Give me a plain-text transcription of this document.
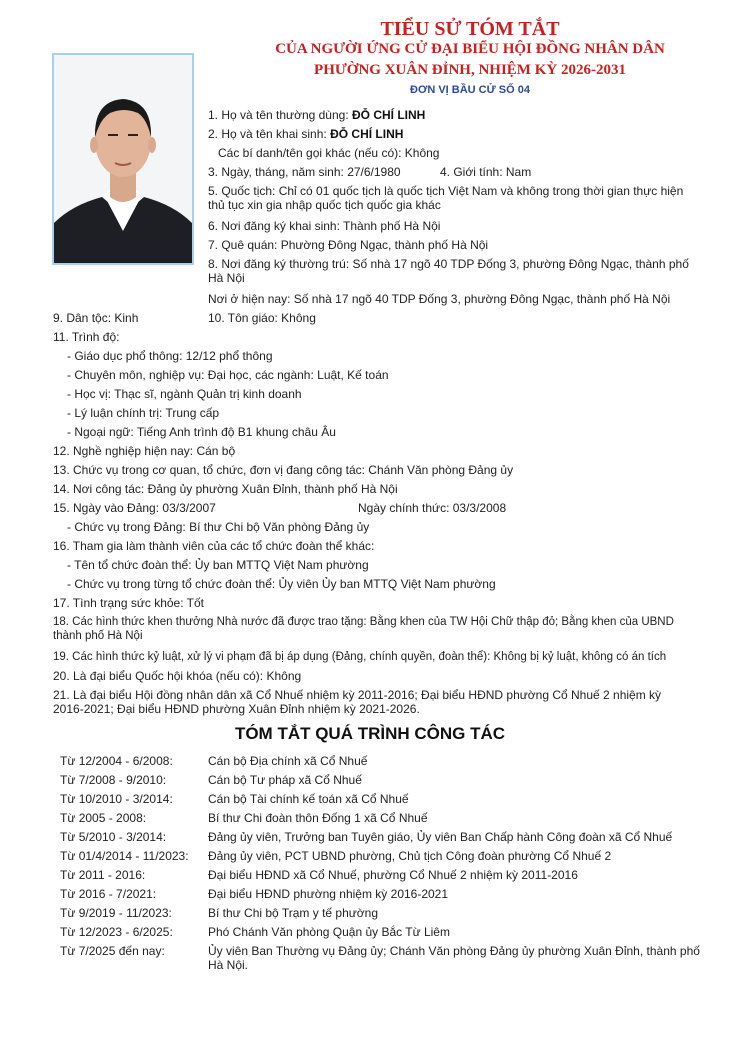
TIỂU SỬ TÓM TẮT
CỦA NGƯỜI ỨNG CỬ ĐẠI BIỂU HỘI ĐỒNG NHÂN DÂN
PHƯỜNG XUÂN ĐỈNH, NHIỆM KỲ 2026-2031
ĐƠN VỊ BẦU CỬ SỐ 04
1. Họ và tên thường dùng: ĐỖ CHÍ LINH
2. Họ và tên khai sinh: ĐỖ CHÍ LINH
Các bí danh/tên gọi khác (nếu có): Không
3. Ngày, tháng, năm sinh: 27/6/1980	4. Giới tính: Nam
5. Quốc tịch: Chỉ có 01 quốc tịch là quốc tịch Việt Nam và không trong thời gian thực hiện thủ tục xin gia nhập quốc tịch quốc gia khác
6. Nơi đăng ký khai sinh: Thành phố Hà Nội
7. Quê quán: Phường Đông Ngạc, thành phố Hà Nội
8. Nơi đăng ký thường trú: Số nhà 17 ngõ 40 TDP Đống 3, phường Đông Ngạc, thành phố Hà Nội
Nơi ở hiện nay: Số nhà 17 ngõ 40 TDP Đống 3, phường Đông Ngạc, thành phố Hà Nội
9. Dân tộc: Kinh	10. Tôn giáo: Không
11. Trình độ:
- Giáo dục phổ thông: 12/12 phổ thông
- Chuyên môn, nghiệp vụ: Đại học, các ngành: Luật, Kế toán
- Học vị: Thạc sĩ, ngành Quản trị kinh doanh
- Lý luận chính trị: Trung cấp
- Ngoại ngữ: Tiếng Anh trình độ B1 khung châu Âu
12. Nghề nghiệp hiện nay: Cán bộ
13. Chức vụ trong cơ quan, tổ chức, đơn vị đang công tác: Chánh Văn phòng Đảng ủy
14. Nơi công tác: Đảng ủy phường Xuân Đỉnh, thành phố Hà Nội
15. Ngày vào Đảng: 03/3/2007	Ngày chính thức: 03/3/2008
- Chức vụ trong Đảng: Bí thư Chi bộ Văn phòng Đảng ủy
16. Tham gia làm thành viên của các tổ chức đoàn thể khác:
- Tên tổ chức đoàn thể: Ủy ban MTTQ Việt Nam phường
- Chức vụ trong từng tổ chức đoàn thể: Ủy viên Ủy ban MTTQ Việt Nam phường
17. Tình trạng sức khỏe: Tốt
18. Các hình thức khen thưởng Nhà nước đã được trao tặng: Bằng khen của TW Hội Chữ thập đỏ; Bằng khen của UBND thành phố Hà Nội
19. Các hình thức kỷ luật, xử lý vi phạm đã bị áp dụng (Đảng, chính quyền, đoàn thể): Không bị kỷ luật, không có án tích
20. Là đại biểu Quốc hội khóa (nếu có): Không
21. Là đại biểu Hội đồng nhân dân xã Cổ Nhuế nhiệm kỳ 2011-2016; Đại biểu HĐND phường Cổ Nhuế 2 nhiệm kỳ 2016-2021; Đại biểu HĐND phường Xuân Đỉnh nhiệm kỳ 2021-2026.
TÓM TẮT QUÁ TRÌNH CÔNG TÁC
Từ 12/2004 - 6/2008:	Cán bộ Địa chính xã Cổ Nhuế
Từ 7/2008 - 9/2010:	Cán bộ Tư pháp xã Cổ Nhuế
Từ 10/2010 - 3/2014:	Cán bộ Tài chính kế toán xã Cổ Nhuế
Từ 2005 - 2008:	Bí thư Chi đoàn thôn Đống 1 xã Cổ Nhuế
Từ 5/2010 - 3/2014:	Đảng ủy viên, Trưởng ban Tuyên giáo, Ủy viên Ban Chấp hành Công đoàn xã Cổ Nhuế
Từ 01/4/2014 - 11/2023:	Đảng ủy viên, PCT UBND phường, Chủ tịch Công đoàn phường Cổ Nhuế 2
Từ 2011 - 2016:	Đại biểu HĐND xã Cổ Nhuế, phường Cổ Nhuế 2 nhiệm kỳ 2011-2016
Từ 2016 - 7/2021:	Đại biểu HĐND phường nhiệm kỳ 2016-2021
Từ 9/2019 - 11/2023:	Bí thư Chi bộ Trạm y tế phường
Từ 12/2023 - 6/2025:	Phó Chánh Văn phòng Quận ủy Bắc Từ Liêm
Từ 7/2025 đến nay:	Ủy viên Ban Thường vụ Đảng ủy; Chánh Văn phòng Đảng ủy phường Xuân Đỉnh, thành phố Hà Nội.
